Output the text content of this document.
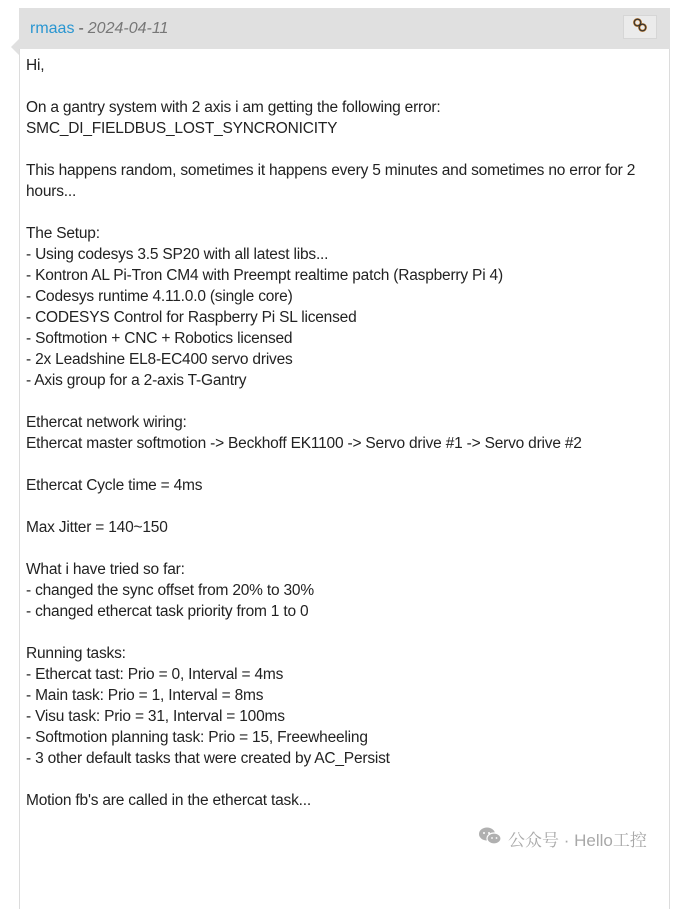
rmaas - 2024-04-11

Hi,

On a gantry system with 2 axis i am getting the following error:
SMC_DI_FIELDBUS_LOST_SYNCRONICITY

This happens random, sometimes it happens every 5 minutes and sometimes no error for 2 hours...

The Setup:
- Using codesys 3.5 SP20 with all latest libs...
- Kontron AL Pi-Tron CM4 with Preempt realtime patch (Raspberry Pi 4)
- Codesys runtime 4.11.0.0 (single core)
- CODESYS Control for Raspberry Pi SL licensed
- Softmotion + CNC + Robotics licensed
- 2x Leadshine EL8-EC400 servo drives
- Axis group for a 2-axis T-Gantry

Ethercat network wiring:
Ethercat master softmotion -> Beckhoff EK1100 -> Servo drive #1 -> Servo drive #2

Ethercat Cycle time = 4ms

Max Jitter = 140~150

What i have tried so far:
- changed the sync offset from 20% to 30%
- changed ethercat task priority from 1 to 0

Running tasks:
- Ethercat tast: Prio = 0, Interval = 4ms
- Main task: Prio = 1, Interval = 8ms
- Visu task: Prio = 31, Interval = 100ms
- Softmotion planning task: Prio = 15, Freewheeling
- 3 other default tasks that were created by AC_Persist

Motion fb's are called in the ethercat task...

公众号 · Hello工控
